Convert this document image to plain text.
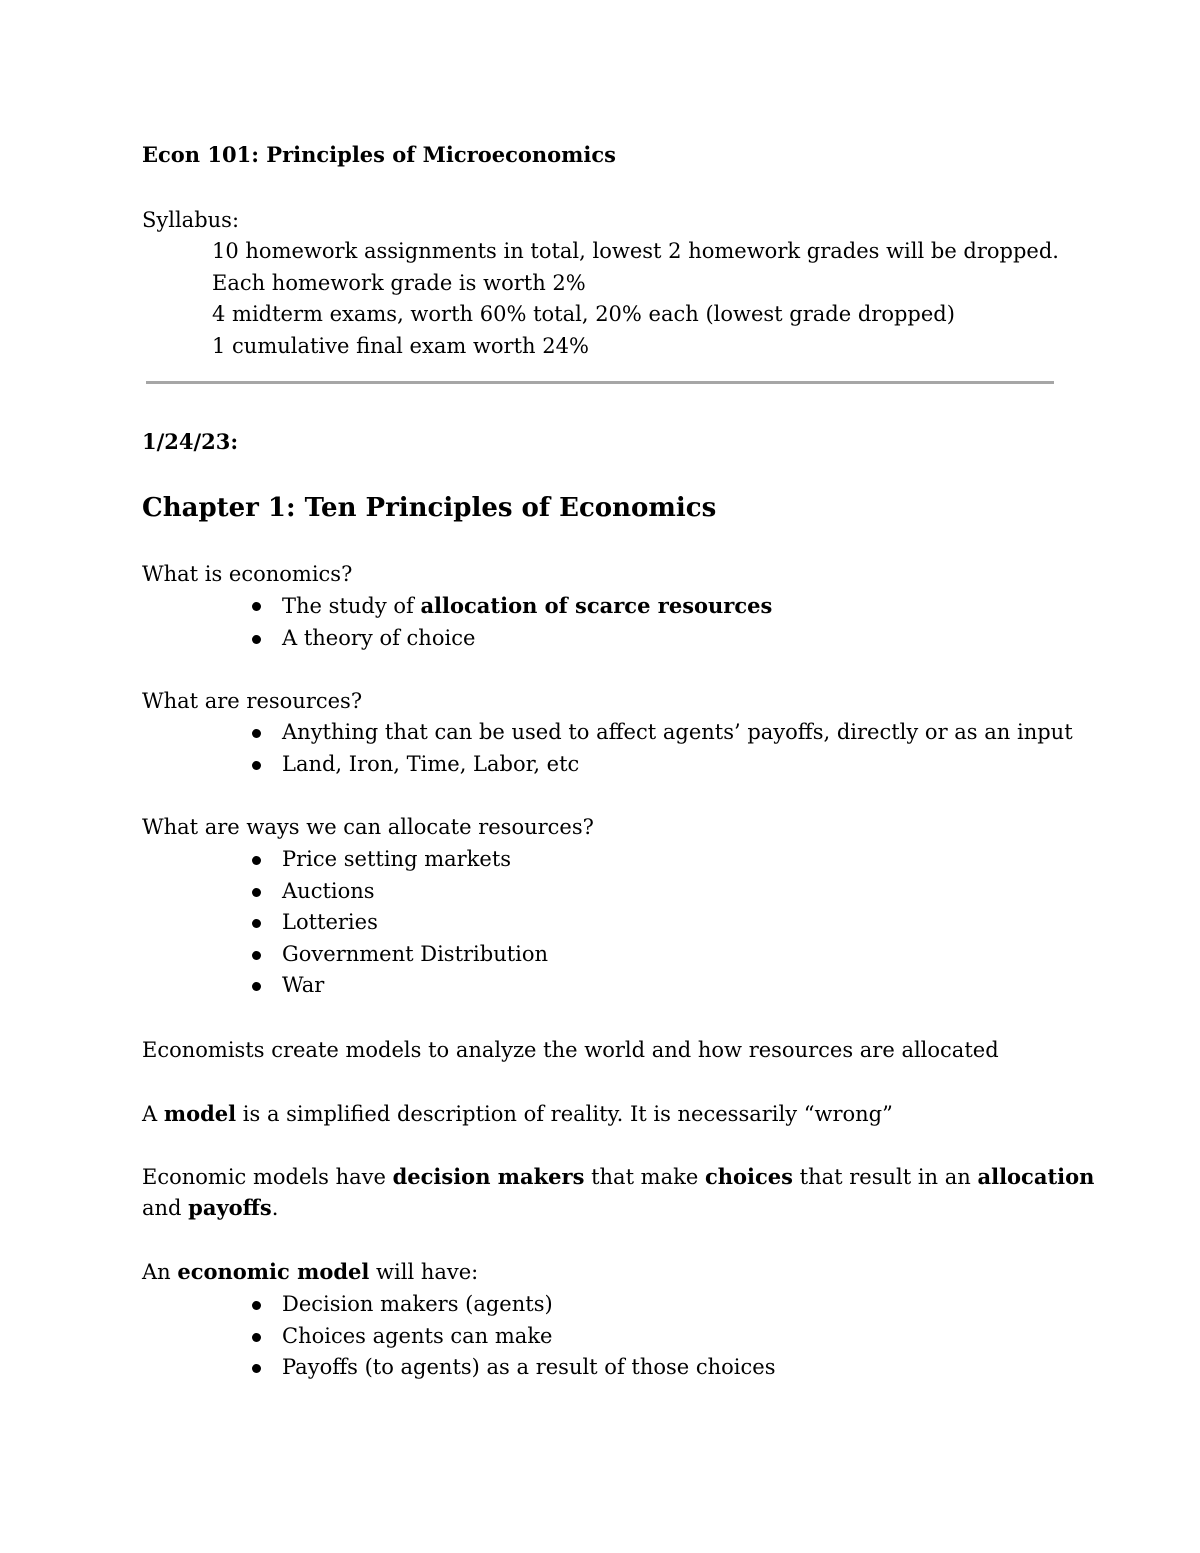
Econ 101: Principles of Microeconomics
Syllabus:
10 homework assignments in total, lowest 2 homework grades will be dropped.
Each homework grade is worth 2%
4 midterm exams, worth 60% total, 20% each (lowest grade dropped)
1 cumulative final exam worth 24%
1/24/23:
Chapter 1: Ten Principles of Economics
What is economics?
The study of allocation of scarce resources
A theory of choice
What are resources?
Anything that can be used to affect agents’ payoffs, directly or as an input
Land, Iron, Time, Labor, etc
What are ways we can allocate resources?
Price setting markets
Auctions
Lotteries
Government Distribution
War
Economists create models to analyze the world and how resources are allocated
A model is a simplified description of reality. It is necessarily “wrong”
Economic models have decision makers that make choices that result in an allocation
and payoffs.
An economic model will have:
Decision makers (agents)
Choices agents can make
Payoffs (to agents) as a result of those choices
